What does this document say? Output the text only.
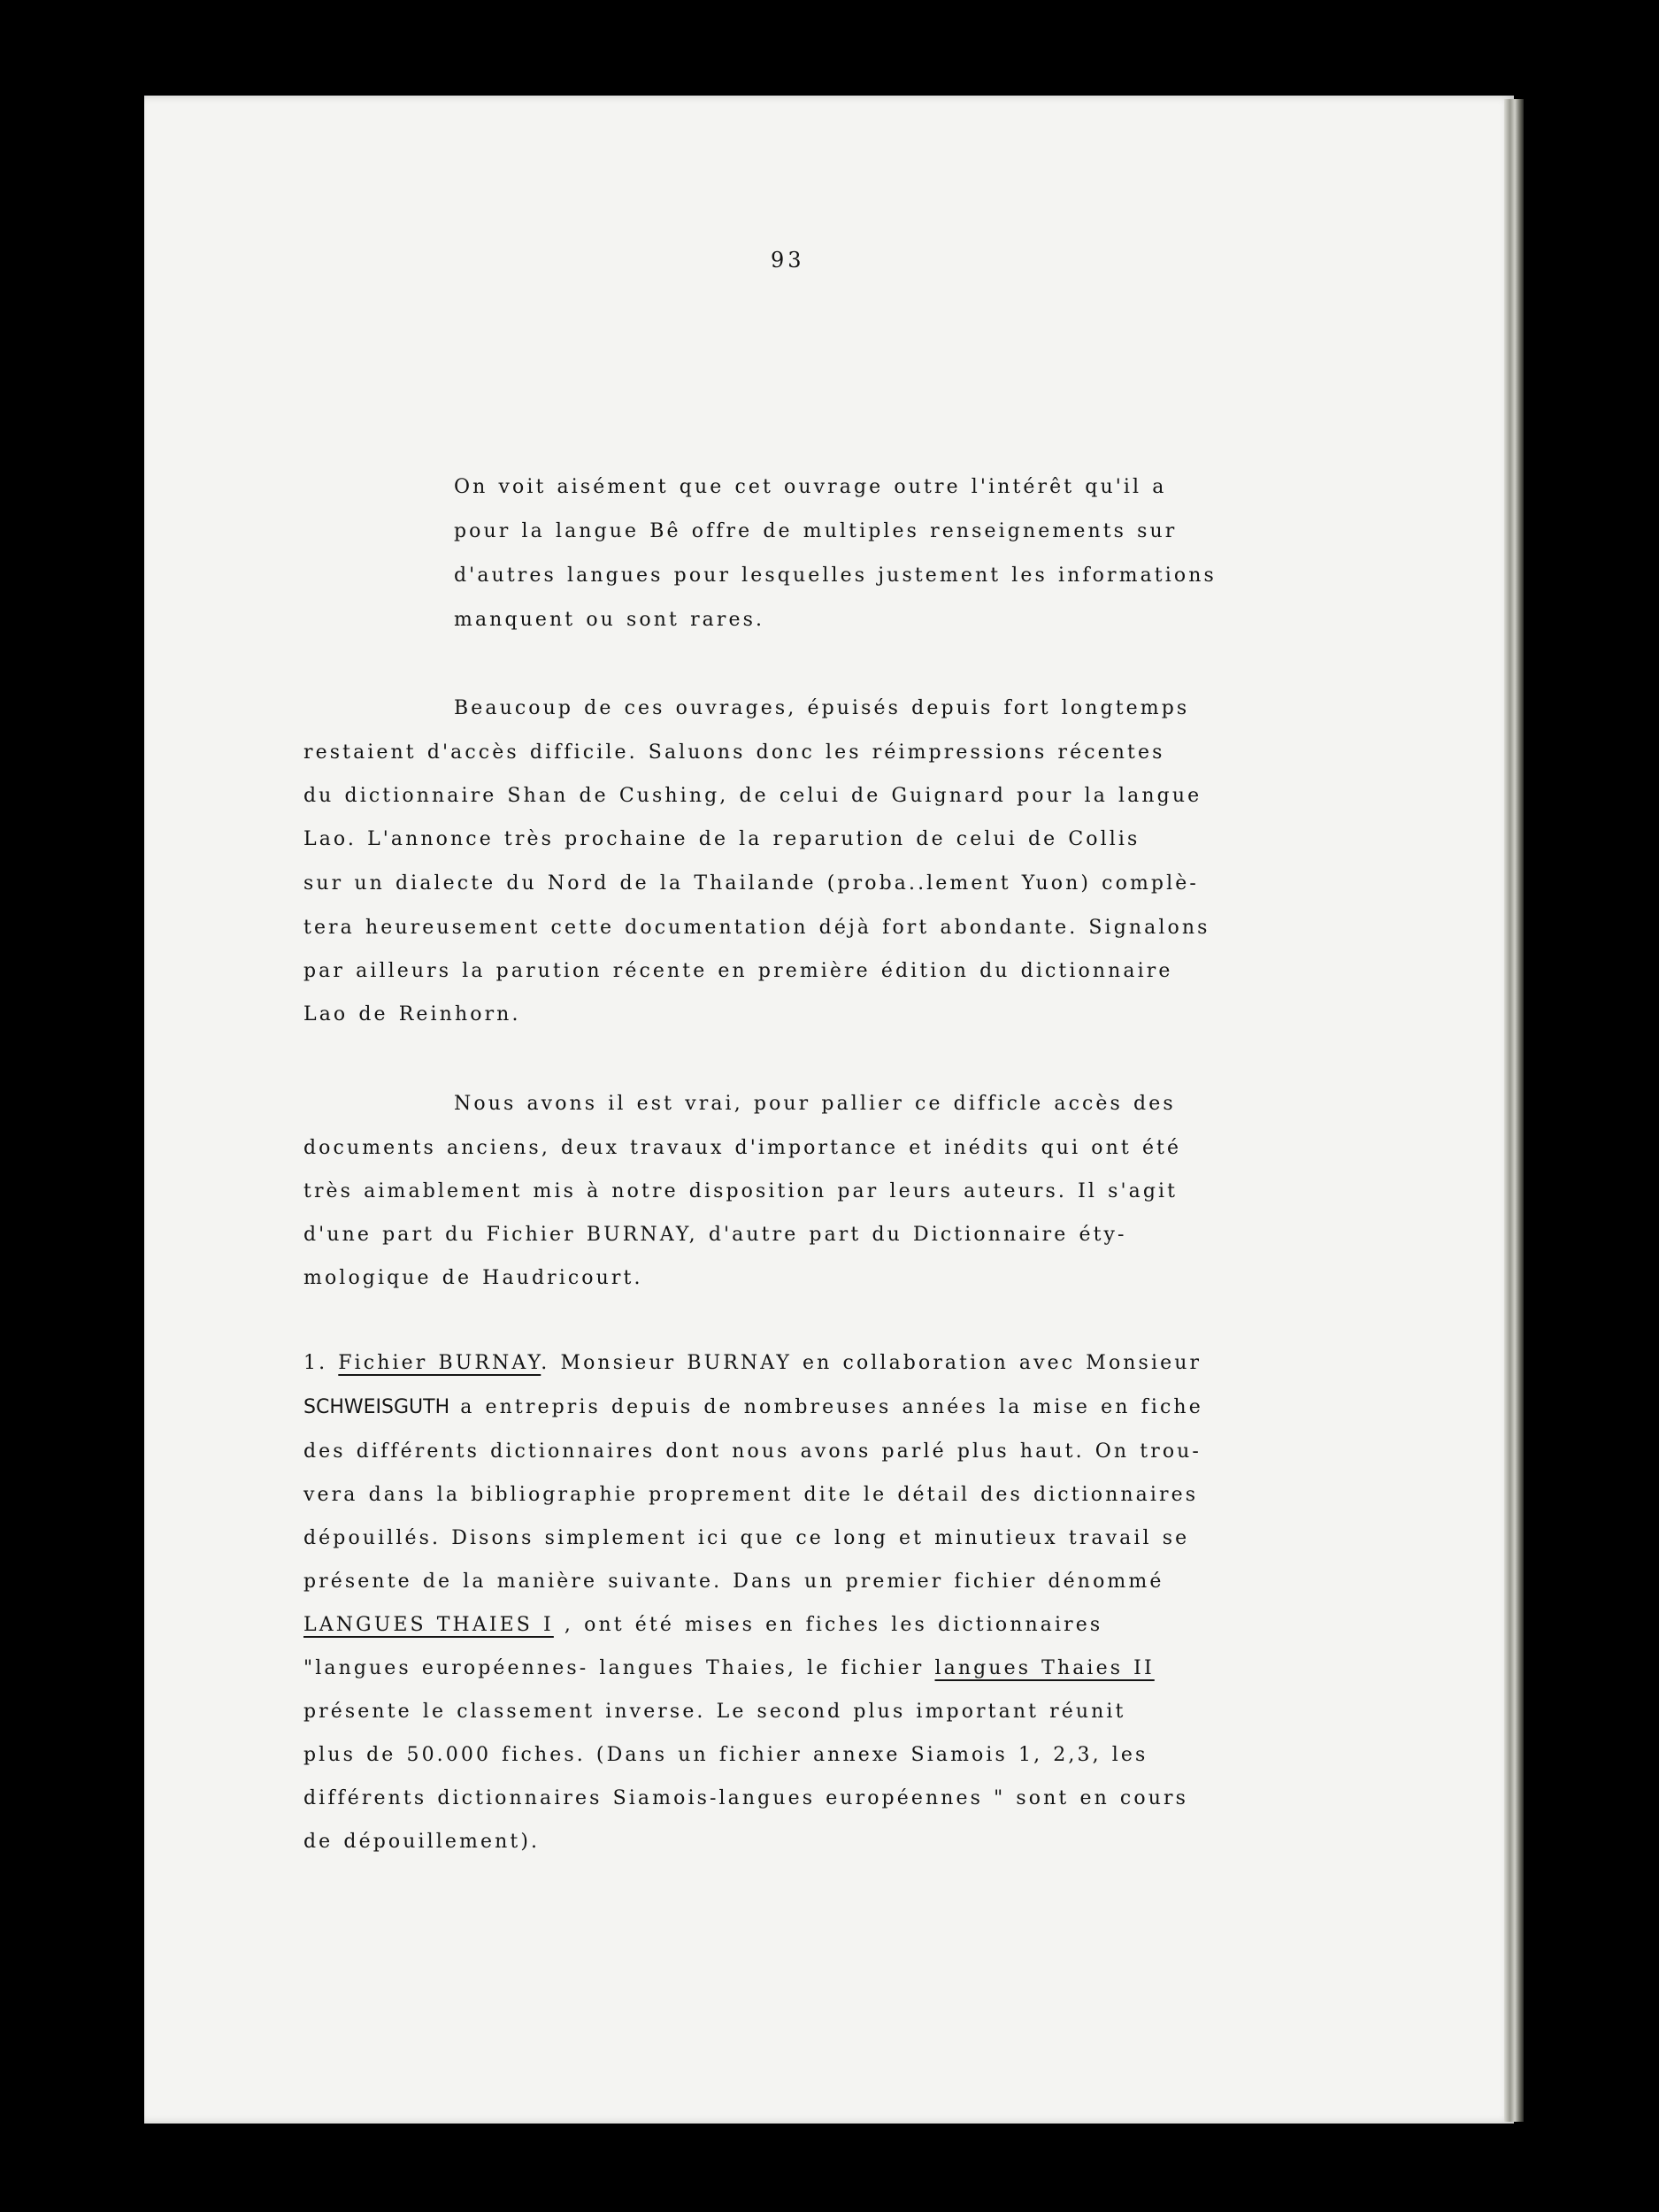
93
On voit aisément que cet ouvrage outre l'intérêt qu'il a
pour la langue Bê offre de multiples renseignements sur
d'autres langues pour lesquelles justement les informations
manquent ou sont rares.
Beaucoup de ces ouvrages, épuisés depuis fort longtemps
restaient d'accès difficile. Saluons donc les réimpressions récentes
du dictionnaire Shan de Cushing, de celui de Guignard pour la langue
Lao. L'annonce très prochaine de la reparution de celui de Collis
sur un dialecte du Nord de la Thailande (proba..lement Yuon) complè-
tera heureusement cette documentation déjà fort abondante. Signalons
par ailleurs la parution récente en première édition du dictionnaire
Lao de Reinhorn.
Nous avons il est vrai, pour pallier ce difficle accès des
documents anciens, deux travaux d'importance et inédits qui ont été
très aimablement mis à notre disposition par leurs auteurs. Il s'agit
d'une part du Fichier BURNAY, d'autre part du Dictionnaire éty-
mologique de Haudricourt.
1. Fichier BURNAY. Monsieur BURNAY en collaboration avec Monsieur
SCHWEISGUTH a entrepris depuis de nombreuses années la mise en fiche
des différents dictionnaires dont nous avons parlé plus haut. On trou-
vera dans la bibliographie proprement dite le détail des dictionnaires
dépouillés. Disons simplement ici que ce long et minutieux travail se
présente de la manière suivante. Dans un premier fichier dénommé
LANGUES THAIES I , ont été mises en fiches les dictionnaires
"langues européennes- langues Thaies, le fichier langues Thaies II
présente le classement inverse. Le second plus important réunit
plus de 50.000 fiches. (Dans un fichier annexe Siamois 1, 2,3, les
différents dictionnaires Siamois-langues européennes " sont en cours
de dépouillement).
